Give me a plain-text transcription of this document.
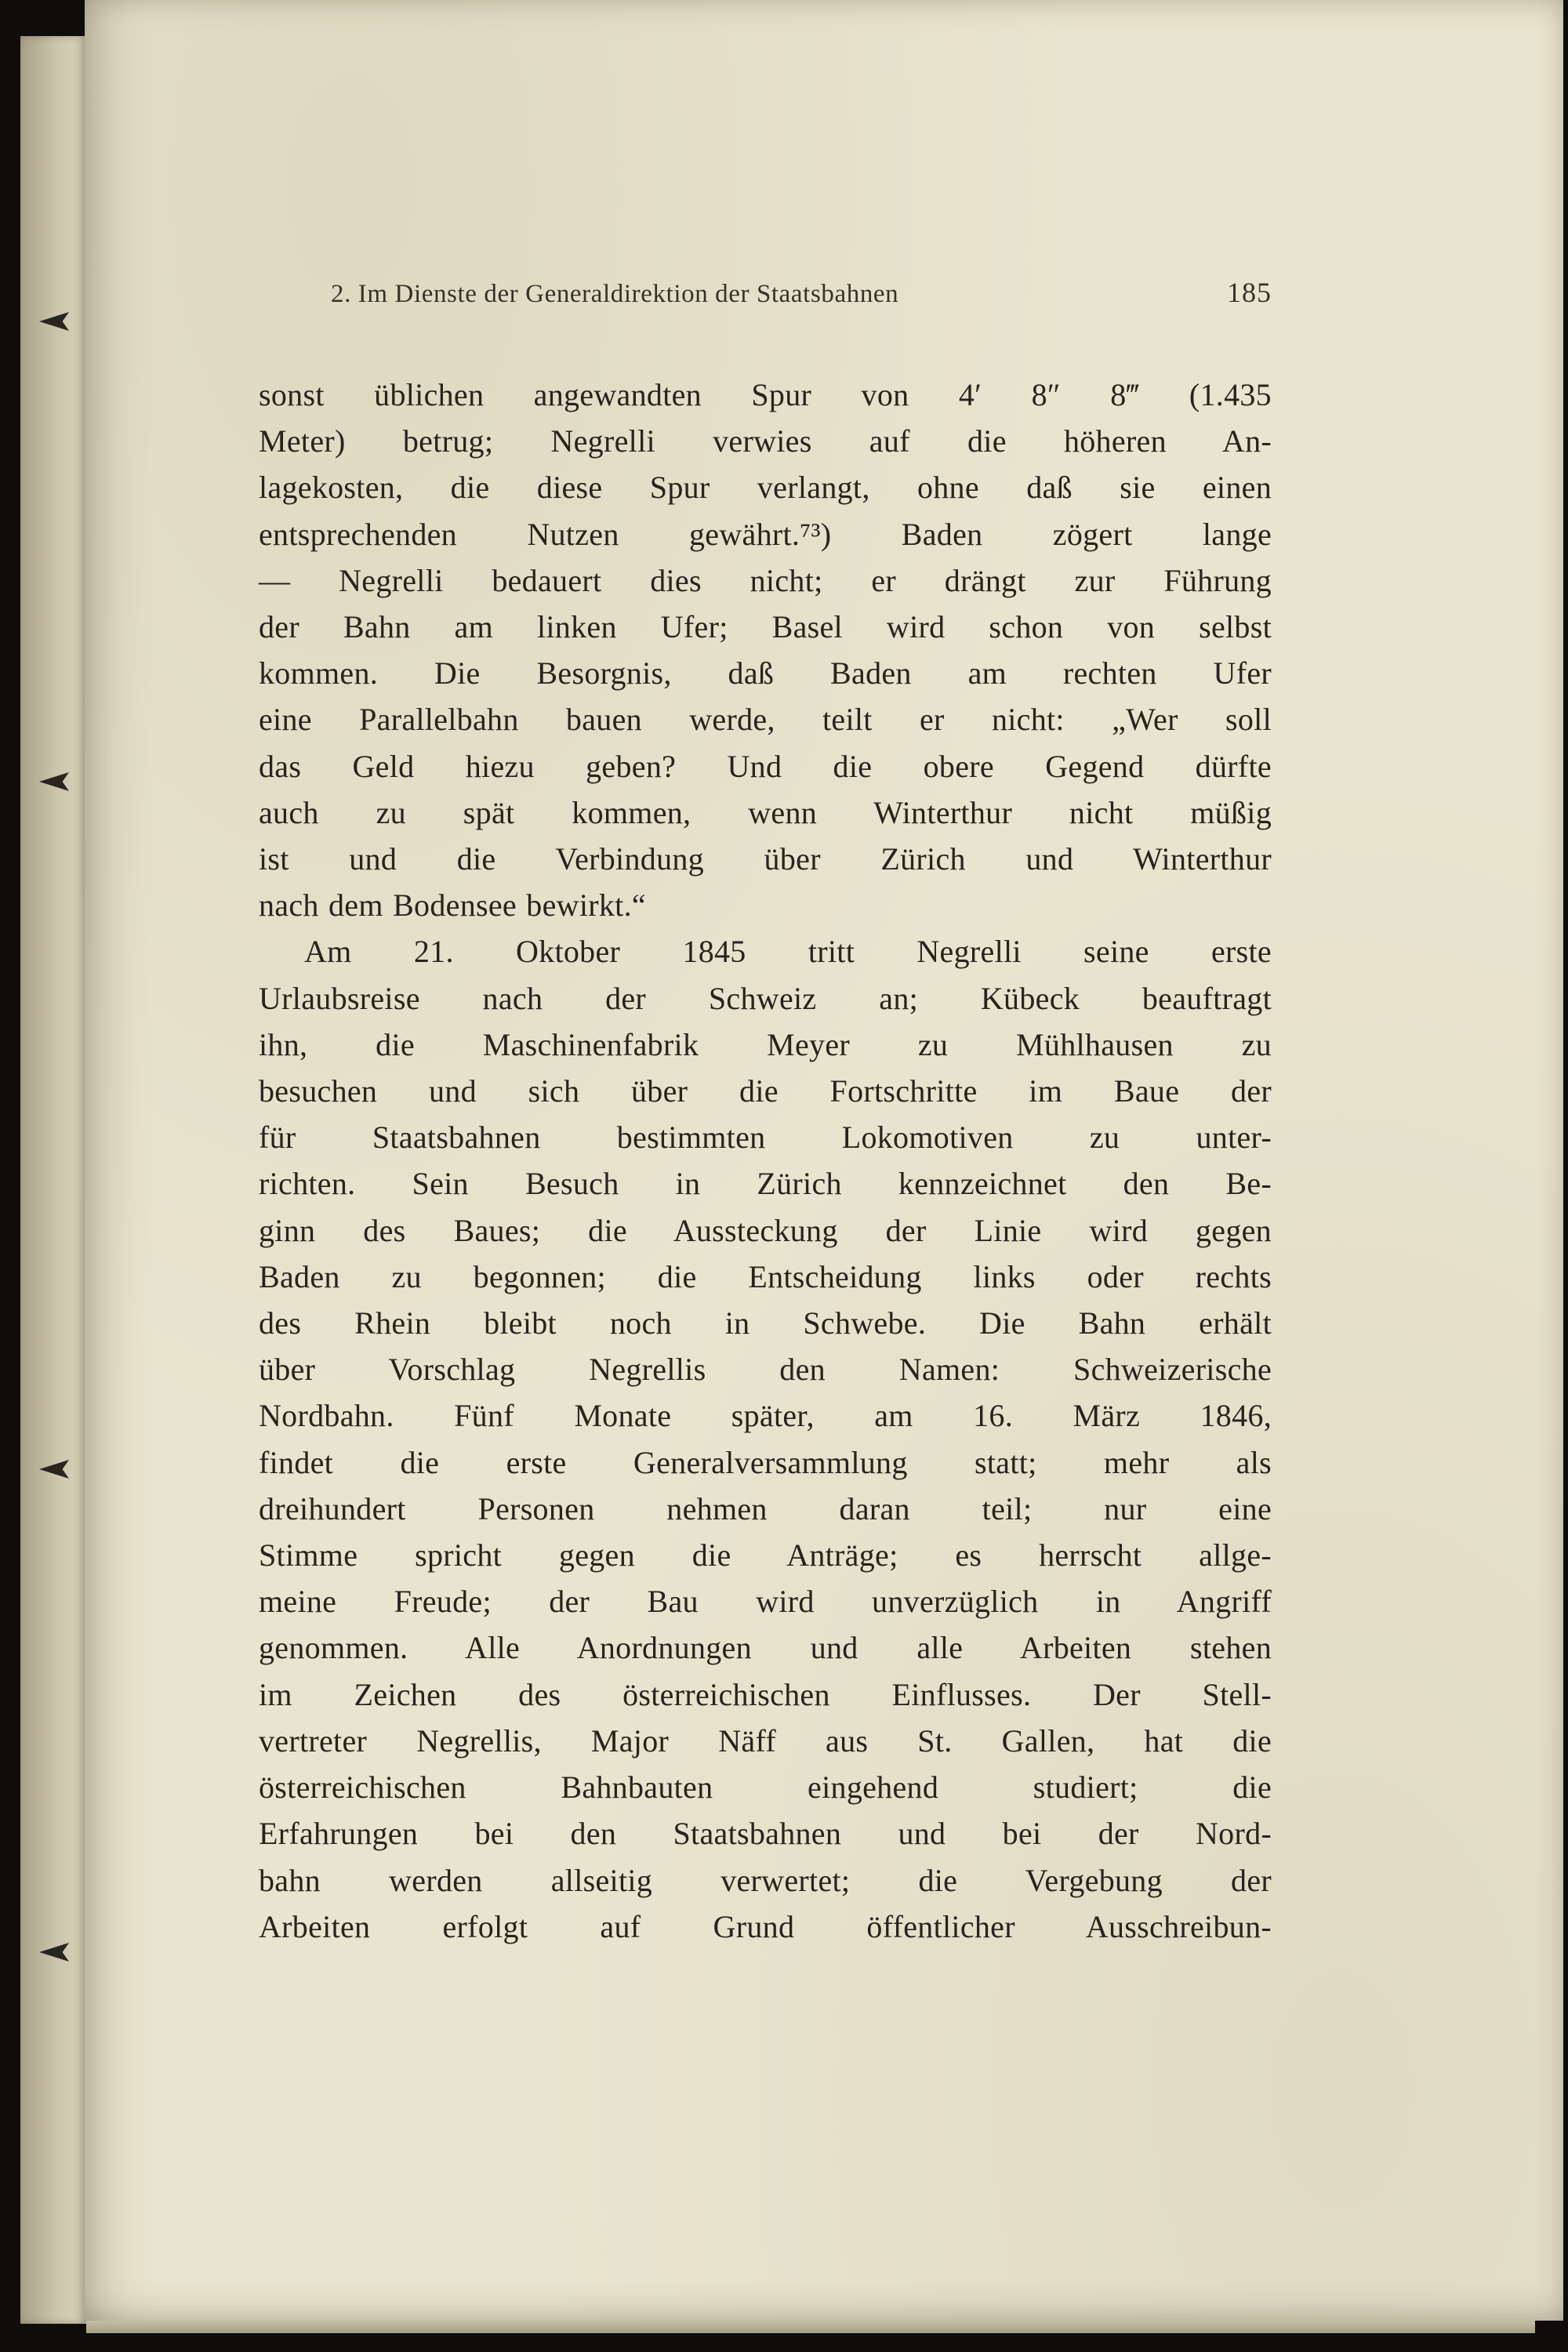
2. Im Dienste der Generaldirektion der Staatsbahnen	185
sonst üblichen angewandten Spur von 4′ 8″ 8‴ (1.435
Meter) betrug; Negrelli verwies auf die höheren An-
lagekosten, die diese Spur verlangt, ohne daß sie einen
entsprechenden Nutzen gewährt.⁷³) Baden zögert lange
— Negrelli bedauert dies nicht; er drängt zur Führung
der Bahn am linken Ufer; Basel wird schon von selbst
kommen. Die Besorgnis, daß Baden am rechten Ufer
eine Parallelbahn bauen werde, teilt er nicht: „Wer soll
das Geld hiezu geben? Und die obere Gegend dürfte
auch zu spät kommen, wenn Winterthur nicht müßig
ist und die Verbindung über Zürich und Winterthur
nach dem Bodensee bewirkt.“
Am 21. Oktober 1845 tritt Negrelli seine erste
Urlaubsreise nach der Schweiz an; Kübeck beauftragt
ihn, die Maschinenfabrik Meyer zu Mühlhausen zu
besuchen und sich über die Fortschritte im Baue der
für Staatsbahnen bestimmten Lokomotiven zu unter-
richten. Sein Besuch in Zürich kennzeichnet den Be-
ginn des Baues; die Aussteckung der Linie wird gegen
Baden zu begonnen; die Entscheidung links oder rechts
des Rhein bleibt noch in Schwebe. Die Bahn erhält
über Vorschlag Negrellis den Namen: Schweizerische
Nordbahn. Fünf Monate später, am 16. März 1846,
findet die erste Generalversammlung statt; mehr als
dreihundert Personen nehmen daran teil; nur eine
Stimme spricht gegen die Anträge; es herrscht allge-
meine Freude; der Bau wird unverzüglich in Angriff
genommen. Alle Anordnungen und alle Arbeiten stehen
im Zeichen des österreichischen Einflusses. Der Stell-
vertreter Negrellis, Major Näff aus St. Gallen, hat die
österreichischen Bahnbauten eingehend studiert; die
Erfahrungen bei den Staatsbahnen und bei der Nord-
bahn werden allseitig verwertet; die Vergebung der
Arbeiten erfolgt auf Grund öffentlicher Ausschreibun-
